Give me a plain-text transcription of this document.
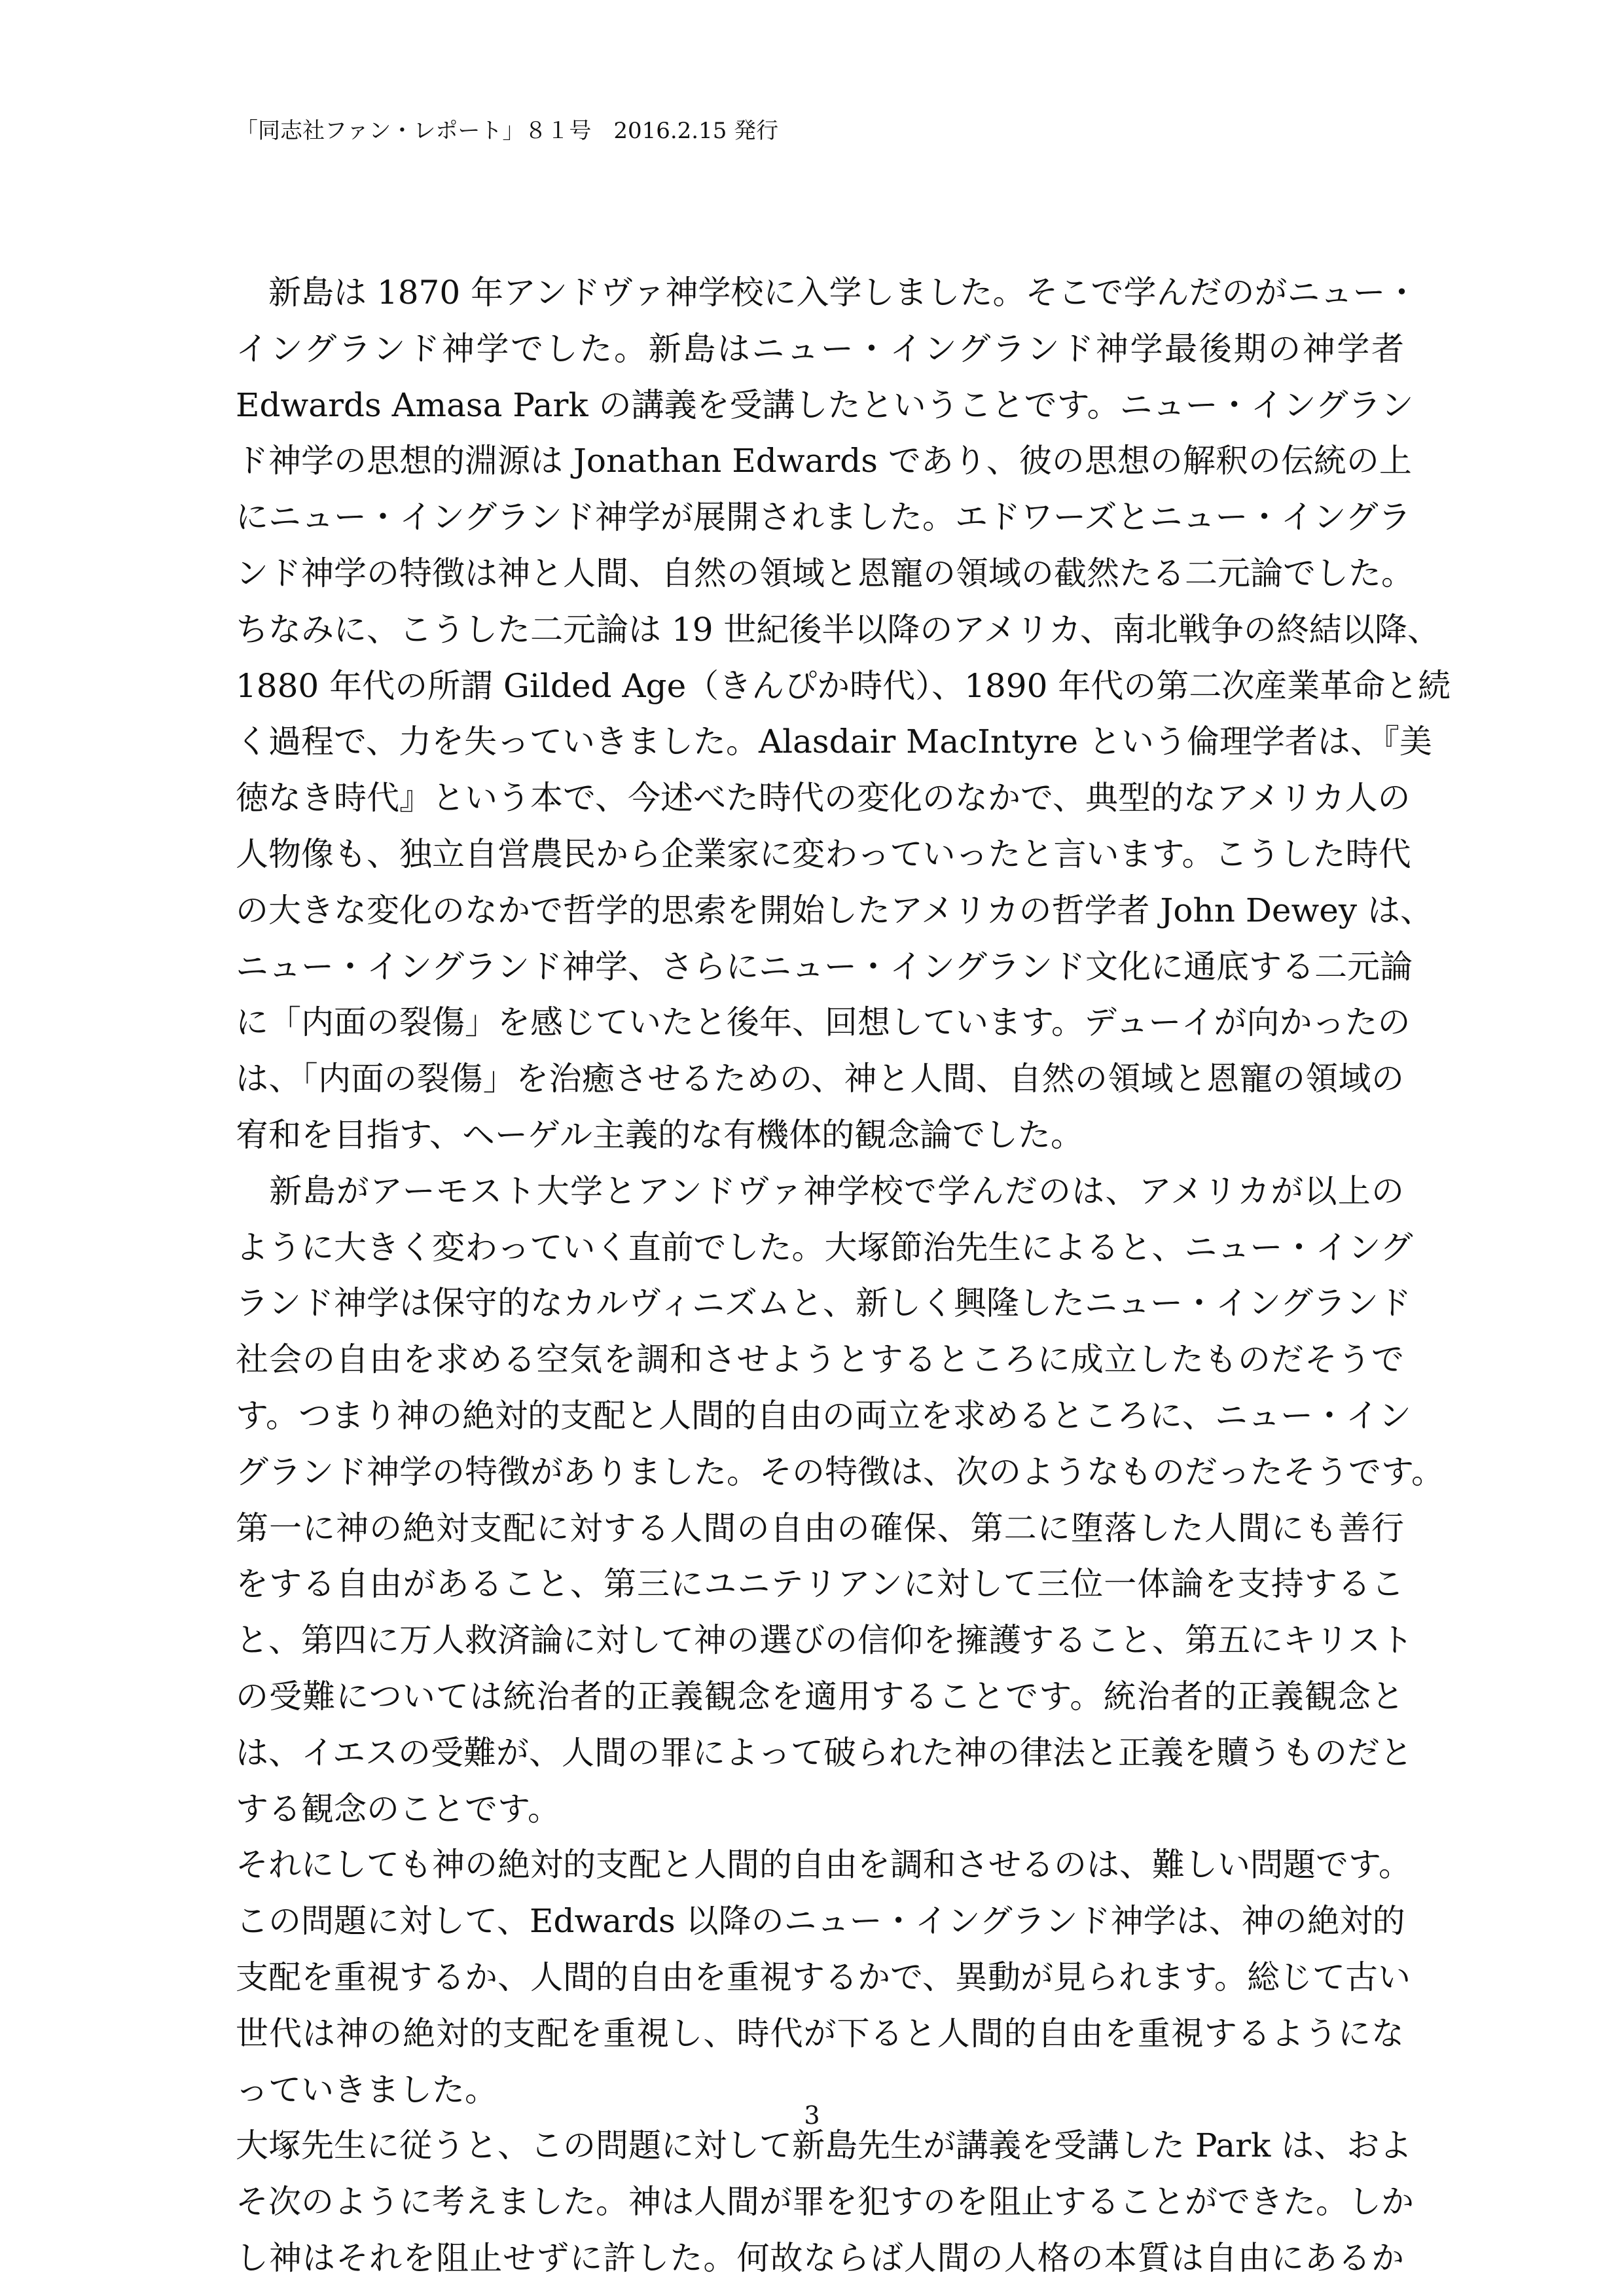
「同志社ファン・レポート」８１号　2016.2.15 発行
　新島は 1870 年アンドヴァ神学校に入学しました。そこで学んだのがニュー・
イングランド神学でした。新島はニュー・イングランド神学最後期の神学者
Edwards Amasa Park の講義を受講したということです。ニュー・イングラン
ド神学の思想的淵源は Jonathan Edwards であり、彼の思想の解釈の伝統の上
にニュー・イングランド神学が展開されました。エドワーズとニュー・イングラ
ンド神学の特徴は神と人間、自然の領域と恩寵の領域の截然たる二元論でした。
ちなみに、こうした二元論は 19 世紀後半以降のアメリカ、南北戦争の終結以降、
1880 年代の所謂 Gilded Age（きんぴか時代）、1890 年代の第二次産業革命と続
く過程で、力を失っていきました。Alasdair MacIntyre という倫理学者は、『美
徳なき時代』という本で、今述べた時代の変化のなかで、典型的なアメリカ人の
人物像も、独立自営農民から企業家に変わっていったと言います。こうした時代
の大きな変化のなかで哲学的思索を開始したアメリカの哲学者 John Dewey は、
ニュー・イングランド神学、さらにニュー・イングランド文化に通底する二元論
に「内面の裂傷」を感じていたと後年、回想しています。デューイが向かったの
は、「内面の裂傷」を治癒させるための、神と人間、自然の領域と恩寵の領域の
宥和を目指す、ヘーゲル主義的な有機体的観念論でした。
　新島がアーモスト大学とアンドヴァ神学校で学んだのは、アメリカが以上の
ように大きく変わっていく直前でした。大塚節治先生によると、ニュー・イング
ランド神学は保守的なカルヴィニズムと、新しく興隆したニュー・イングランド
社会の自由を求める空気を調和させようとするところに成立したものだそうで
す。つまり神の絶対的支配と人間的自由の両立を求めるところに、ニュー・イン
グランド神学の特徴がありました。その特徴は、次のようなものだったそうです。
第一に神の絶対支配に対する人間の自由の確保、第二に堕落した人間にも善行
をする自由があること、第三にユニテリアンに対して三位一体論を支持するこ
と、第四に万人救済論に対して神の選びの信仰を擁護すること、第五にキリスト
の受難については統治者的正義観念を適用することです。統治者的正義観念と
は、イエスの受難が、人間の罪によって破られた神の律法と正義を贖うものだと
する観念のことです。
それにしても神の絶対的支配と人間的自由を調和させるのは、難しい問題です。
この問題に対して、Edwards 以降のニュー・イングランド神学は、神の絶対的
支配を重視するか、人間的自由を重視するかで、異動が見られます。総じて古い
世代は神の絶対的支配を重視し、時代が下ると人間的自由を重視するようにな
っていきました。
大塚先生に従うと、この問題に対して新島先生が講義を受講した Park は、およ
そ次のように考えました。神は人間が罪を犯すのを阻止することができた。しか
し神はそれを阻止せずに許した。何故ならば人間の人格の本質は自由にあるか
3
